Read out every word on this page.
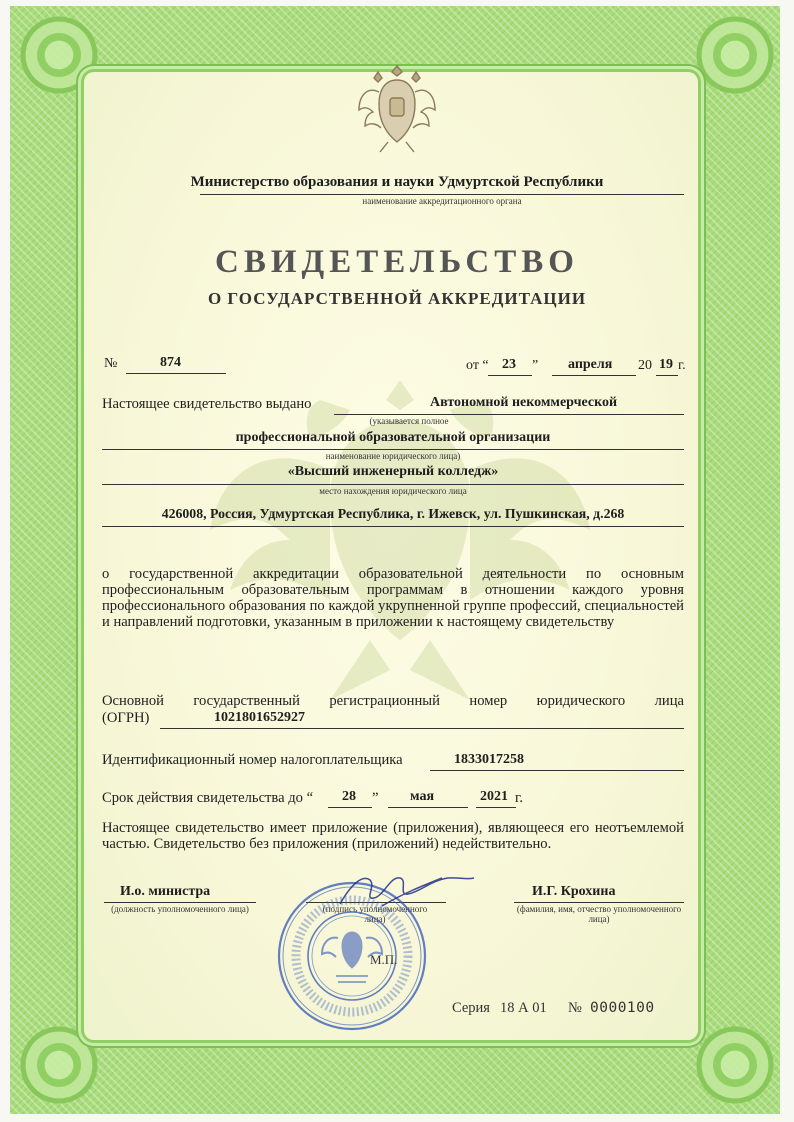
Министерство образования и науки Удмуртской Республики
наименование аккредитационного органа
СВИДЕТЕЛЬСТВО
О ГОСУДАРСТВЕННОЙ АККРЕДИТАЦИИ
№	874	от “ 23 ” апреля 20 19 г.
Настоящее свидетельство выдано	Автономной некоммерческой
(указывается полное
профессиональной образовательной организации
наименование юридического лица)
«Высший инженерный колледж»
место нахождения юридического лица
426008, Россия, Удмуртская Республика, г. Ижевск, ул. Пушкинская, д.268
о государственной аккредитации образовательной деятельности по основным профессиональным образовательным программам в отношении каждого уровня профессионального образования по каждой укрупненной группе профессий, специальностей и направлений подготовки, указанным в приложении к настоящему свидетельству
Основной государственный регистрационный номер юридического лица
(ОГРН)	1021801652927
Идентификационный номер налогоплательщика	1833017258
Срок действия свидетельства до “ 28 ” мая	2021 г.
Настоящее свидетельство имеет приложение (приложения), являющееся его неотъемлемой частью. Свидетельство без приложения (приложений) недействительно.
И.о. министра
(должность уполномоченного лица)	(подпись уполномоченного лица)
И.Г. Крохина
(фамилия, имя, отчество уполномоченного лица)
М.П.
Серия 18 А 01 № 0000100
